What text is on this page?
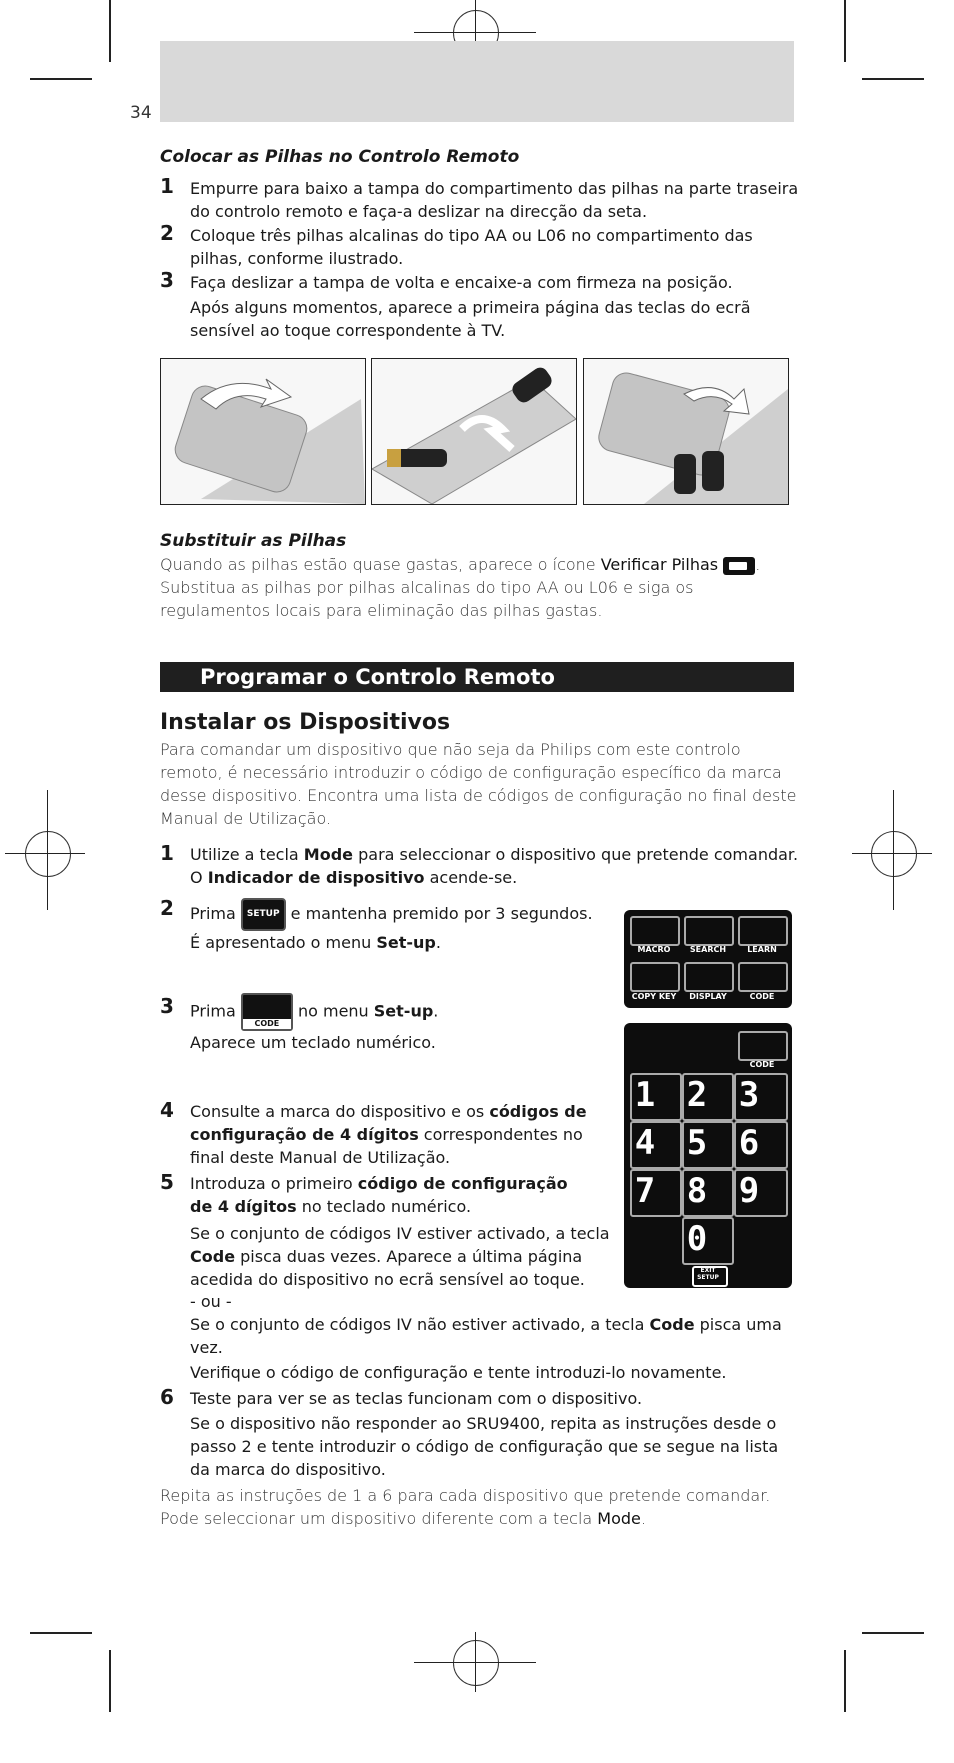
34
Colocar as Pilhas no Controlo Remoto
1 Empurre para baixo a tampa do compartimento das pilhas na parte traseira do controlo remoto e faça-a deslizar na direcção da seta.
2 Coloque três pilhas alcalinas do tipo AA ou L06 no compartimento das pilhas, conforme ilustrado.
3 Faça deslizar a tampa de volta e encaixe-a com firmeza na posição.
Após alguns momentos, aparece a primeira página das teclas do ecrã sensível ao toque correspondente à TV.
Substituir as Pilhas
Quando as pilhas estão quase gastas, aparece o ícone Verificar Pilhas . Substitua as pilhas por pilhas alcalinas do tipo AA ou L06 e siga os regulamentos locais para eliminação das pilhas gastas.
Programar o Controlo Remoto
Instalar os Dispositivos
Para comandar um dispositivo que não seja da Philips com este controlo remoto, é necessário introduzir o código de configuração específico da marca desse dispositivo. Encontra uma lista de códigos de configuração no final deste Manual de Utilização.
1 Utilize a tecla Mode para seleccionar o dispositivo que pretende comandar.
O Indicador de dispositivo acende-se.
2 Prima SETUP e mantenha premido por 3 segundos.
É apresentado o menu Set-up.
3 Prima
CODE
no menu Set-up.
Aparece um teclado numérico.
4 Consulte a marca do dispositivo e os códigos de configuração de 4 dígitos correspondentes no final deste Manual de Utilização.
5 Introduza o primeiro código de configuração de 4 dígitos no teclado numérico.
Se o conjunto de códigos IV estiver activado, a tecla Code pisca duas vezes. Aparece a última página acedida do dispositivo no ecrã sensível ao toque.
- ou -
Se o conjunto de códigos IV não estiver activado, a tecla Code pisca uma vez.
Verifique o código de configuração e tente introduzi-lo novamente.
6 Teste para ver se as teclas funcionam com o dispositivo.
Se o dispositivo não responder ao SRU9400, repita as instruções desde o passo 2 e tente introduzir o código de configuração que se segue na lista da marca do dispositivo.
Repita as instruções de 1 a 6 para cada dispositivo que pretende comandar. Pode seleccionar um dispositivo diferente com a tecla Mode.
MACRO	SEARCH	LEARN
COPY KEY	DISPLAY	CODE
CODE
1 2 3
4 5 6
7 8 9
0
EXIT SETUP
